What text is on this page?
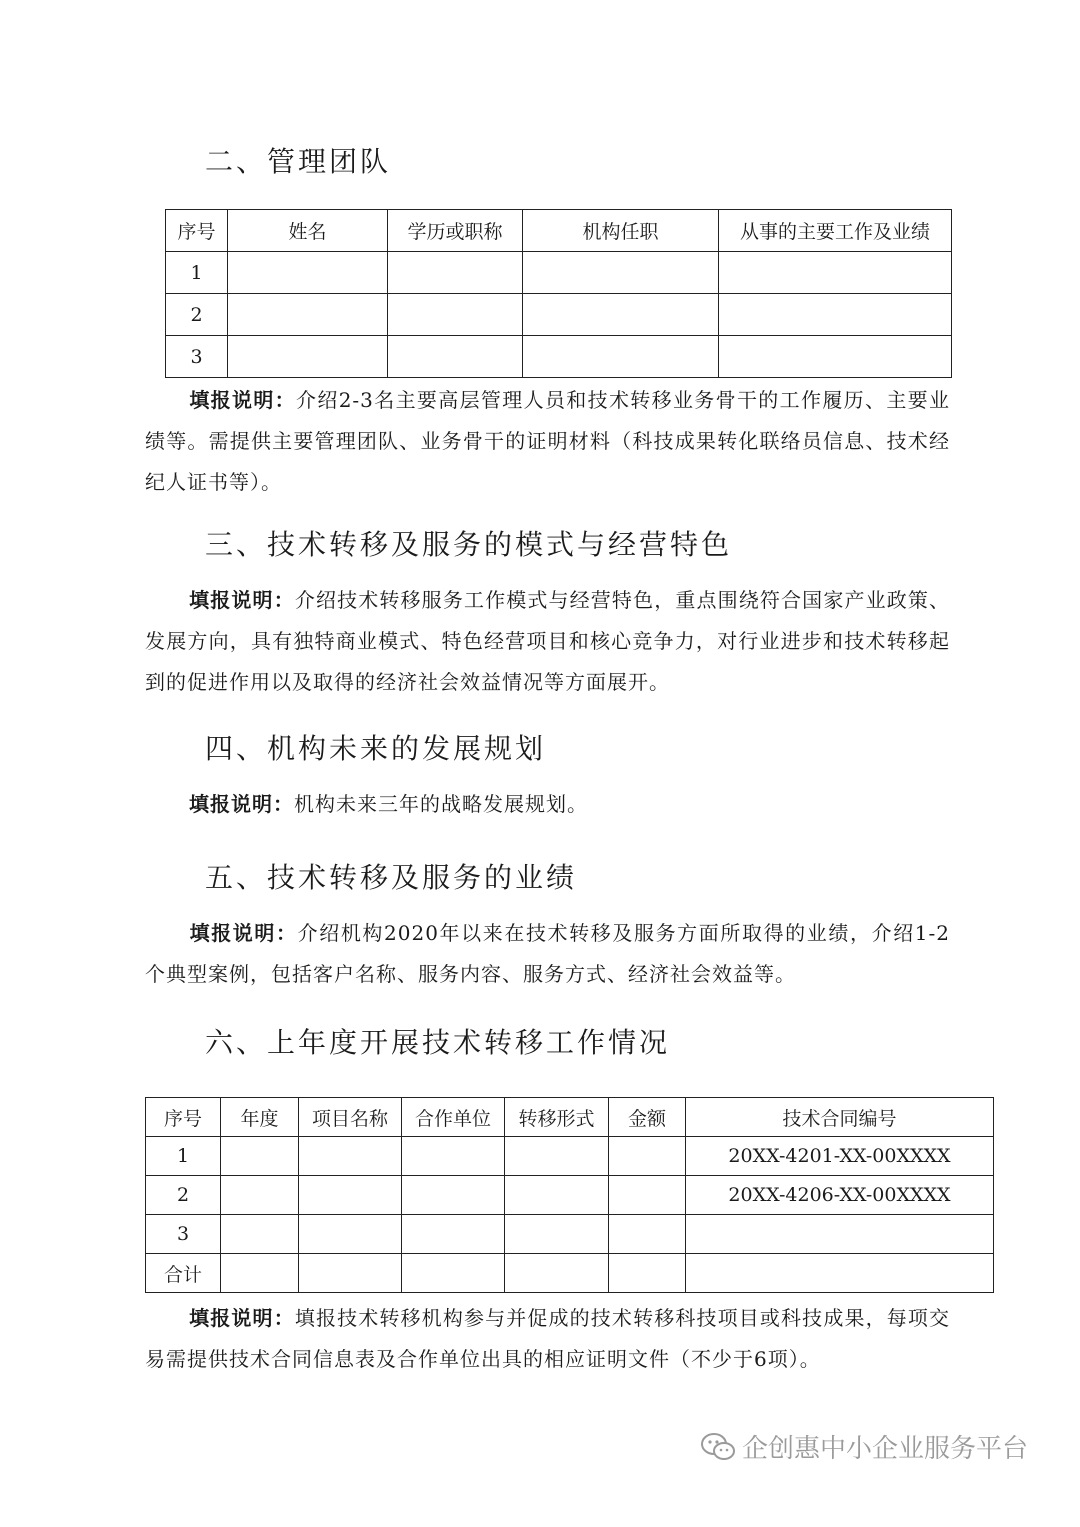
二、管理团队
序号	姓名	学历或职称	机构任职	从事的主要工作及业绩
1				
2				
3				

填报说明：介绍2-3名主要高层管理人员和技术转移业务骨干的工作履历、主要业绩等。需提供主要管理团队、业务骨干的证明材料（科技成果转化联络员信息、技术经纪人证书等）。

三、技术转移及服务的模式与经营特色

填报说明：介绍技术转移服务工作模式与经营特色，重点围绕符合国家产业政策、发展方向，具有独特商业模式、特色经营项目和核心竞争力，对行业进步和技术转移起到的促进作用以及取得的经济社会效益情况等方面展开。

四、机构未来的发展规划

填报说明：机构未来三年的战略发展规划。

五、技术转移及服务的业绩

填报说明：介绍机构2020年以来在技术转移及服务方面所取得的业绩，介绍1-2个典型案例，包括客户名称、服务内容、服务方式、经济社会效益等。

六、上年度开展技术转移工作情况
序号	年度	项目名称	合作单位	转移形式	金额	技术合同编号
1						20XX-4201-XX-00XXXX
2						20XX-4206-XX-00XXXX
3						
合计						

填报说明：填报技术转移机构参与并促成的技术转移科技项目或科技成果，每项交易需提供技术合同信息表及合作单位出具的相应证明文件（不少于6项）。

企创惠中小企业服务平台
